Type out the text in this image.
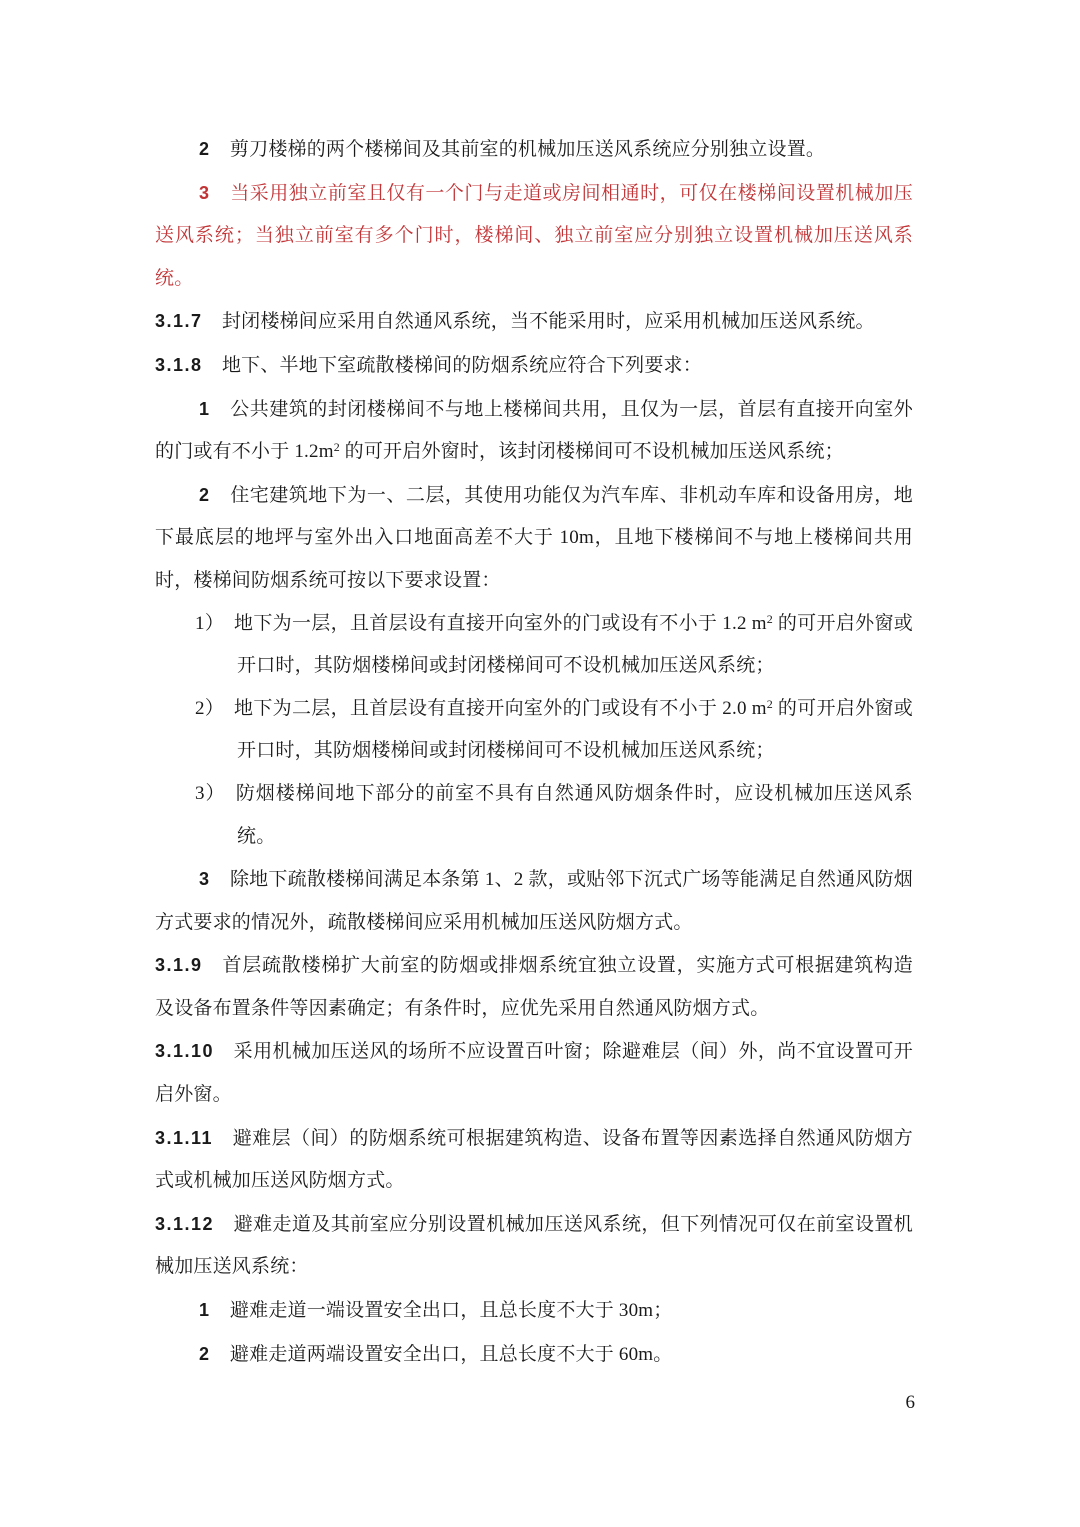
2  剪刀楼梯的两个楼梯间及其前室的机械加压送风系统应分别独立设置。

3  当采用独立前室且仅有一个门与走道或房间相通时，可仅在楼梯间设置机械加压送风系统；当独立前室有多个门时，楼梯间、独立前室应分别独立设置机械加压送风系统。

3.1.7  封闭楼梯间应采用自然通风系统，当不能采用时，应采用机械加压送风系统。

3.1.8  地下、半地下室疏散楼梯间的防烟系统应符合下列要求：

1  公共建筑的封闭楼梯间不与地上楼梯间共用，且仅为一层，首层有直接开向室外的门或有不小于 $1.2m^2$ 的可开启外窗时，该封闭楼梯间可不设机械加压送风系统；

2  住宅建筑地下为一、二层，其使用功能仅为汽车库、非机动车库和设备用房，地下最底层的地坪与室外出入口地面高差不大于 10m，且地下楼梯间不与地上楼梯间共用时，楼梯间防烟系统可按以下要求设置：

1） 地下为一层，且首层设有直接开向室外的门或设有不小于 1.2 $m^2$ 的可开启外窗或开口时，其防烟楼梯间或封闭楼梯间可不设机械加压送风系统；

2） 地下为二层，且首层设有直接开向室外的门或设有不小于 2.0 $m^2$ 的可开启外窗或开口时，其防烟楼梯间或封闭楼梯间可不设机械加压送风系统；

3） 防烟楼梯间地下部分的前室不具有自然通风防烟条件时，应设机械加压送风系统。

3  除地下疏散楼梯间满足本条第 1、2 款，或贴邻下沉式广场等能满足自然通风防烟方式要求的情况外，疏散楼梯间应采用机械加压送风防烟方式。

3.1.9  首层疏散楼梯扩大前室的防烟或排烟系统宜独立设置，实施方式可根据建筑构造及设备布置条件等因素确定；有条件时，应优先采用自然通风防烟方式。

3.1.10  采用机械加压送风的场所不应设置百叶窗；除避难层（间）外，尚不宜设置可开启外窗。

3.1.11  避难层（间）的防烟系统可根据建筑构造、设备布置等因素选择自然通风防烟方式或机械加压送风防烟方式。

3.1.12  避难走道及其前室应分别设置机械加压送风系统，但下列情况可仅在前室设置机械加压送风系统：

1  避难走道一端设置安全出口，且总长度不大于 30m；

2  避难走道两端设置安全出口，且总长度不大于 60m。

6
